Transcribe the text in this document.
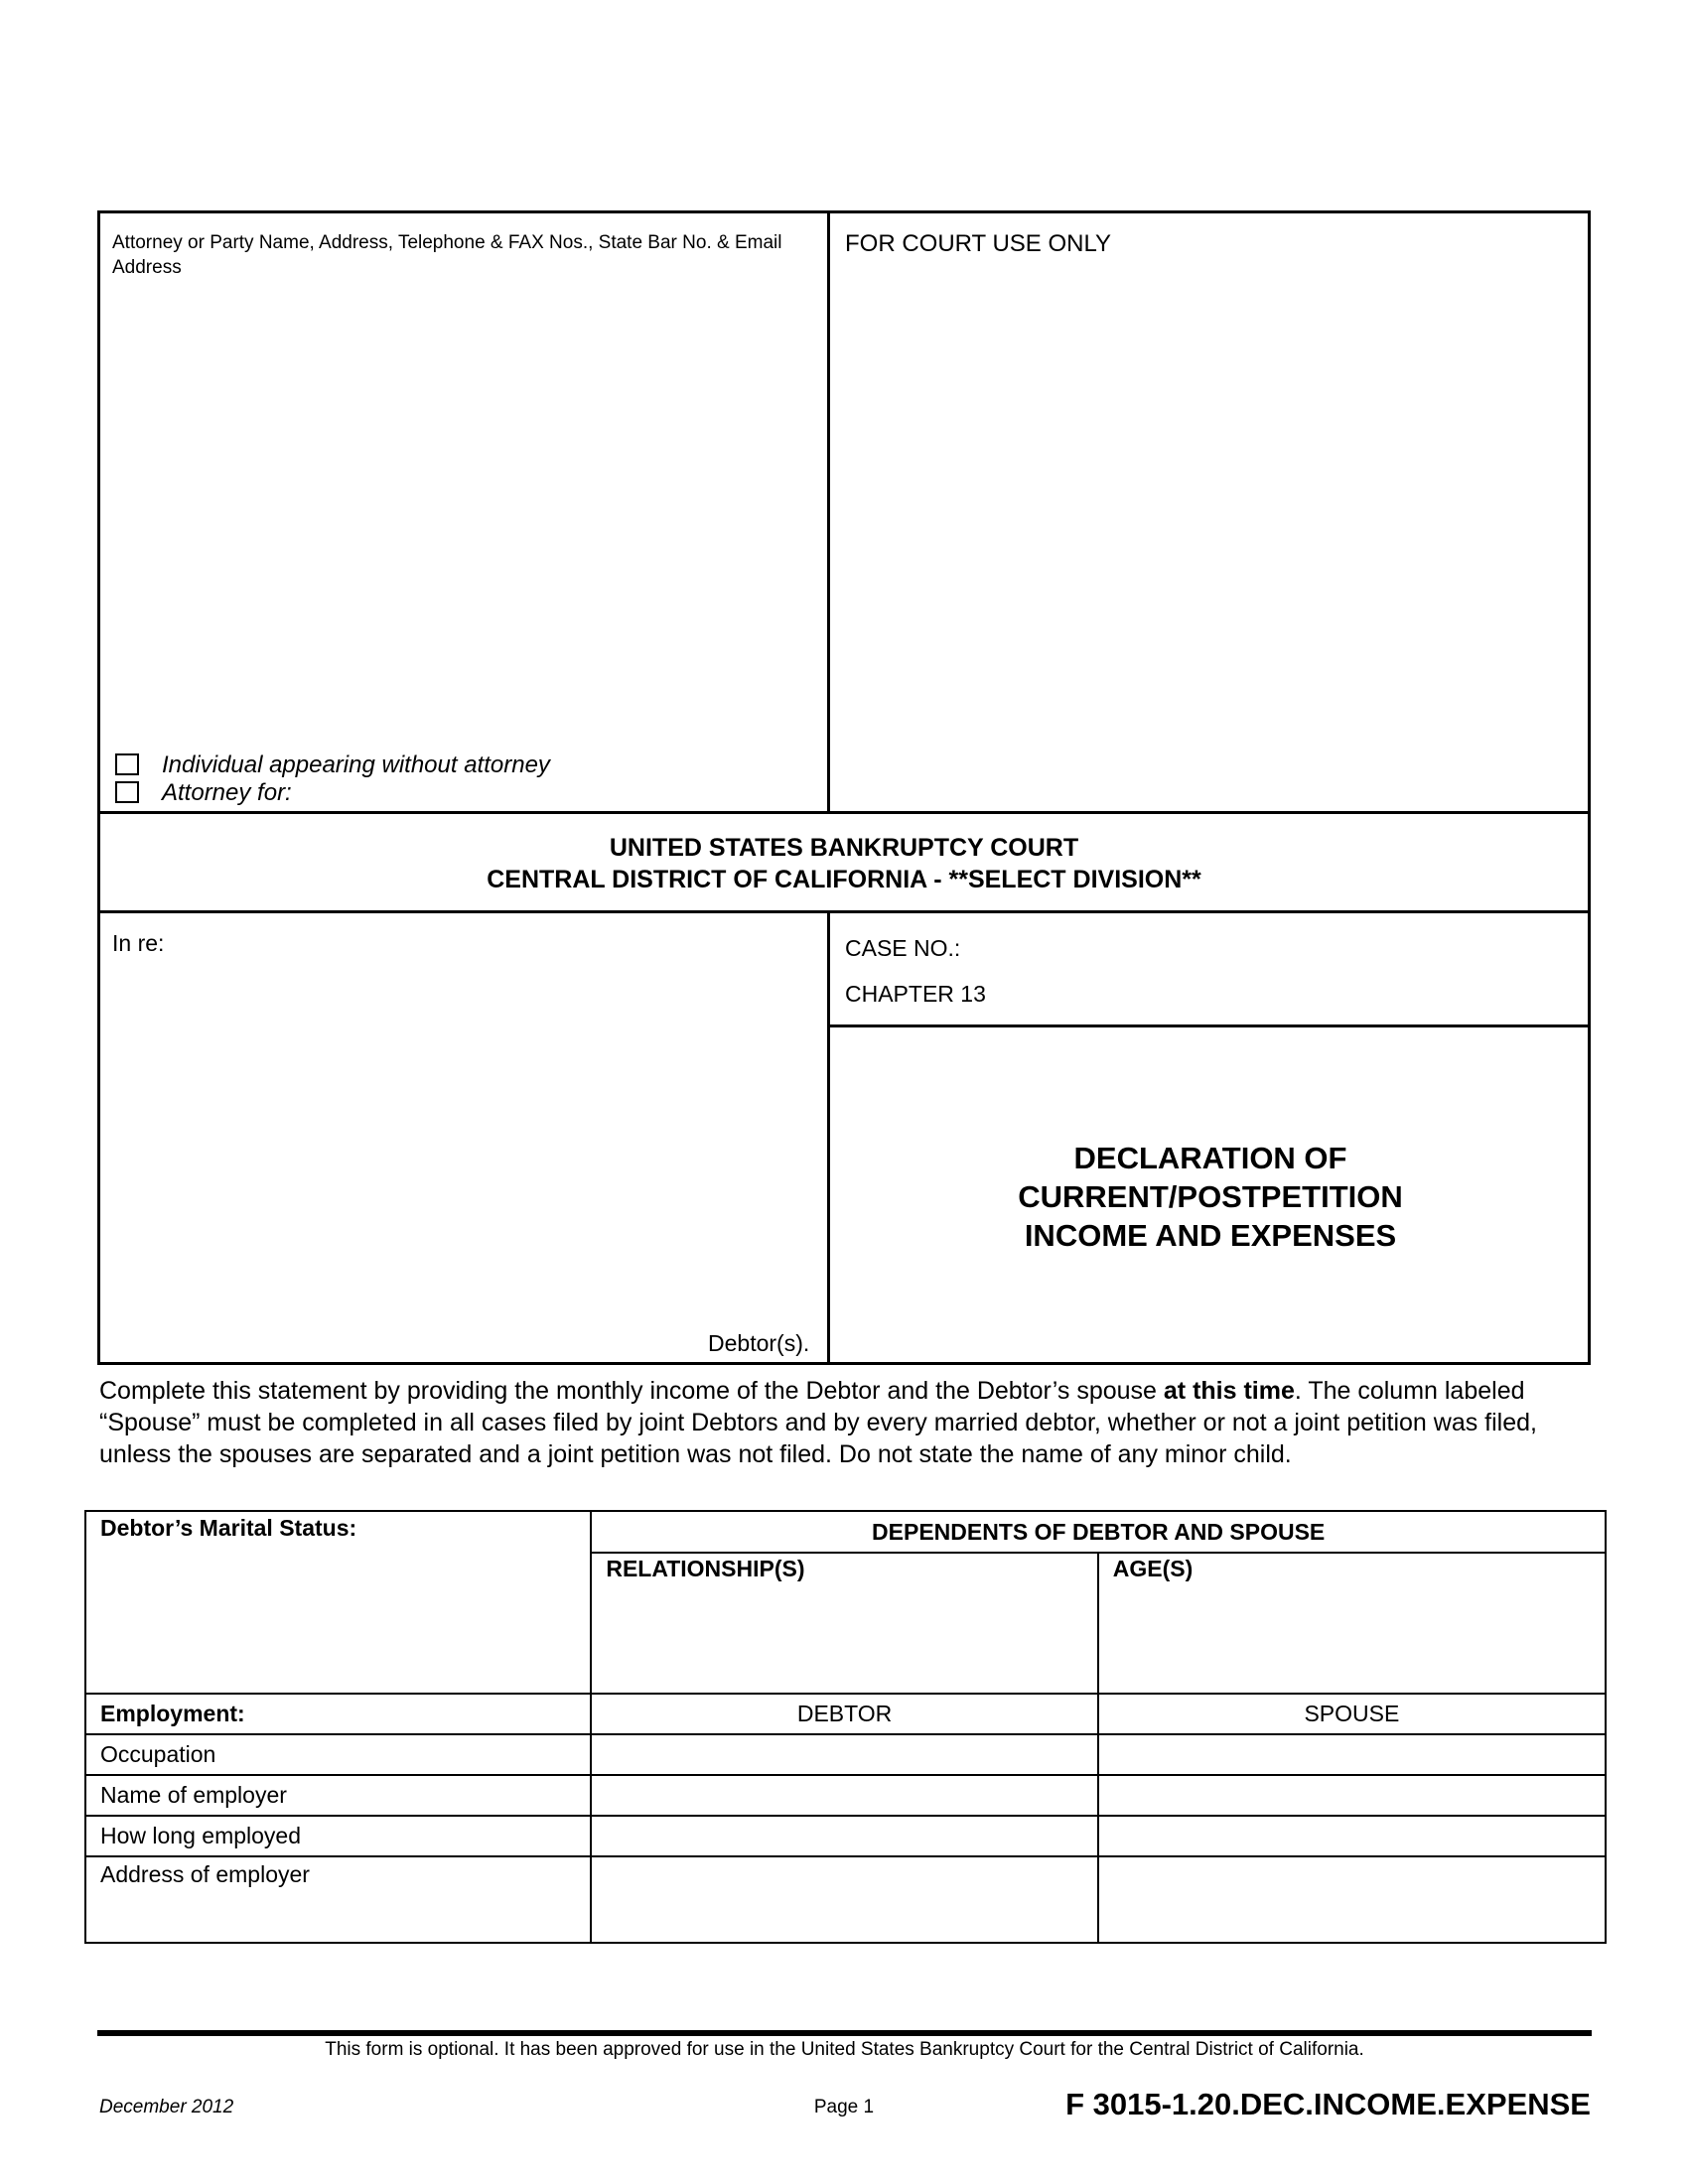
Attorney or Party Name, Address, Telephone & FAX Nos., State Bar No. & Email Address
FOR COURT USE ONLY
Individual appearing without attorney
Attorney for:
UNITED STATES BANKRUPTCY COURT
CENTRAL DISTRICT OF CALIFORNIA - **SELECT DIVISION**
In re:
Debtor(s).
CASE NO.:
CHAPTER 13
DECLARATION OF
CURRENT/POSTPETITION
INCOME AND EXPENSES
Complete this statement by providing the monthly income of the Debtor and the Debtor’s spouse at this time. The column labeled “Spouse” must be completed in all cases filed by joint Debtors and by every married debtor, whether or not a joint petition was filed, unless the spouses are separated and a joint petition was not filed. Do not state the name of any minor child.
Debtor’s Marital Status:	DEPENDENTS OF DEBTOR AND SPOUSE	
	RELATIONSHIP(S)	AGE(S)
Employment:	DEBTOR	SPOUSE
Occupation		
Name of employer		
How long employed		
Address of employer		
This form is optional. It has been approved for use in the United States Bankruptcy Court for the Central District of California.
December 2012	Page 1	F 3015-1.20.DEC.INCOME.EXPENSE
